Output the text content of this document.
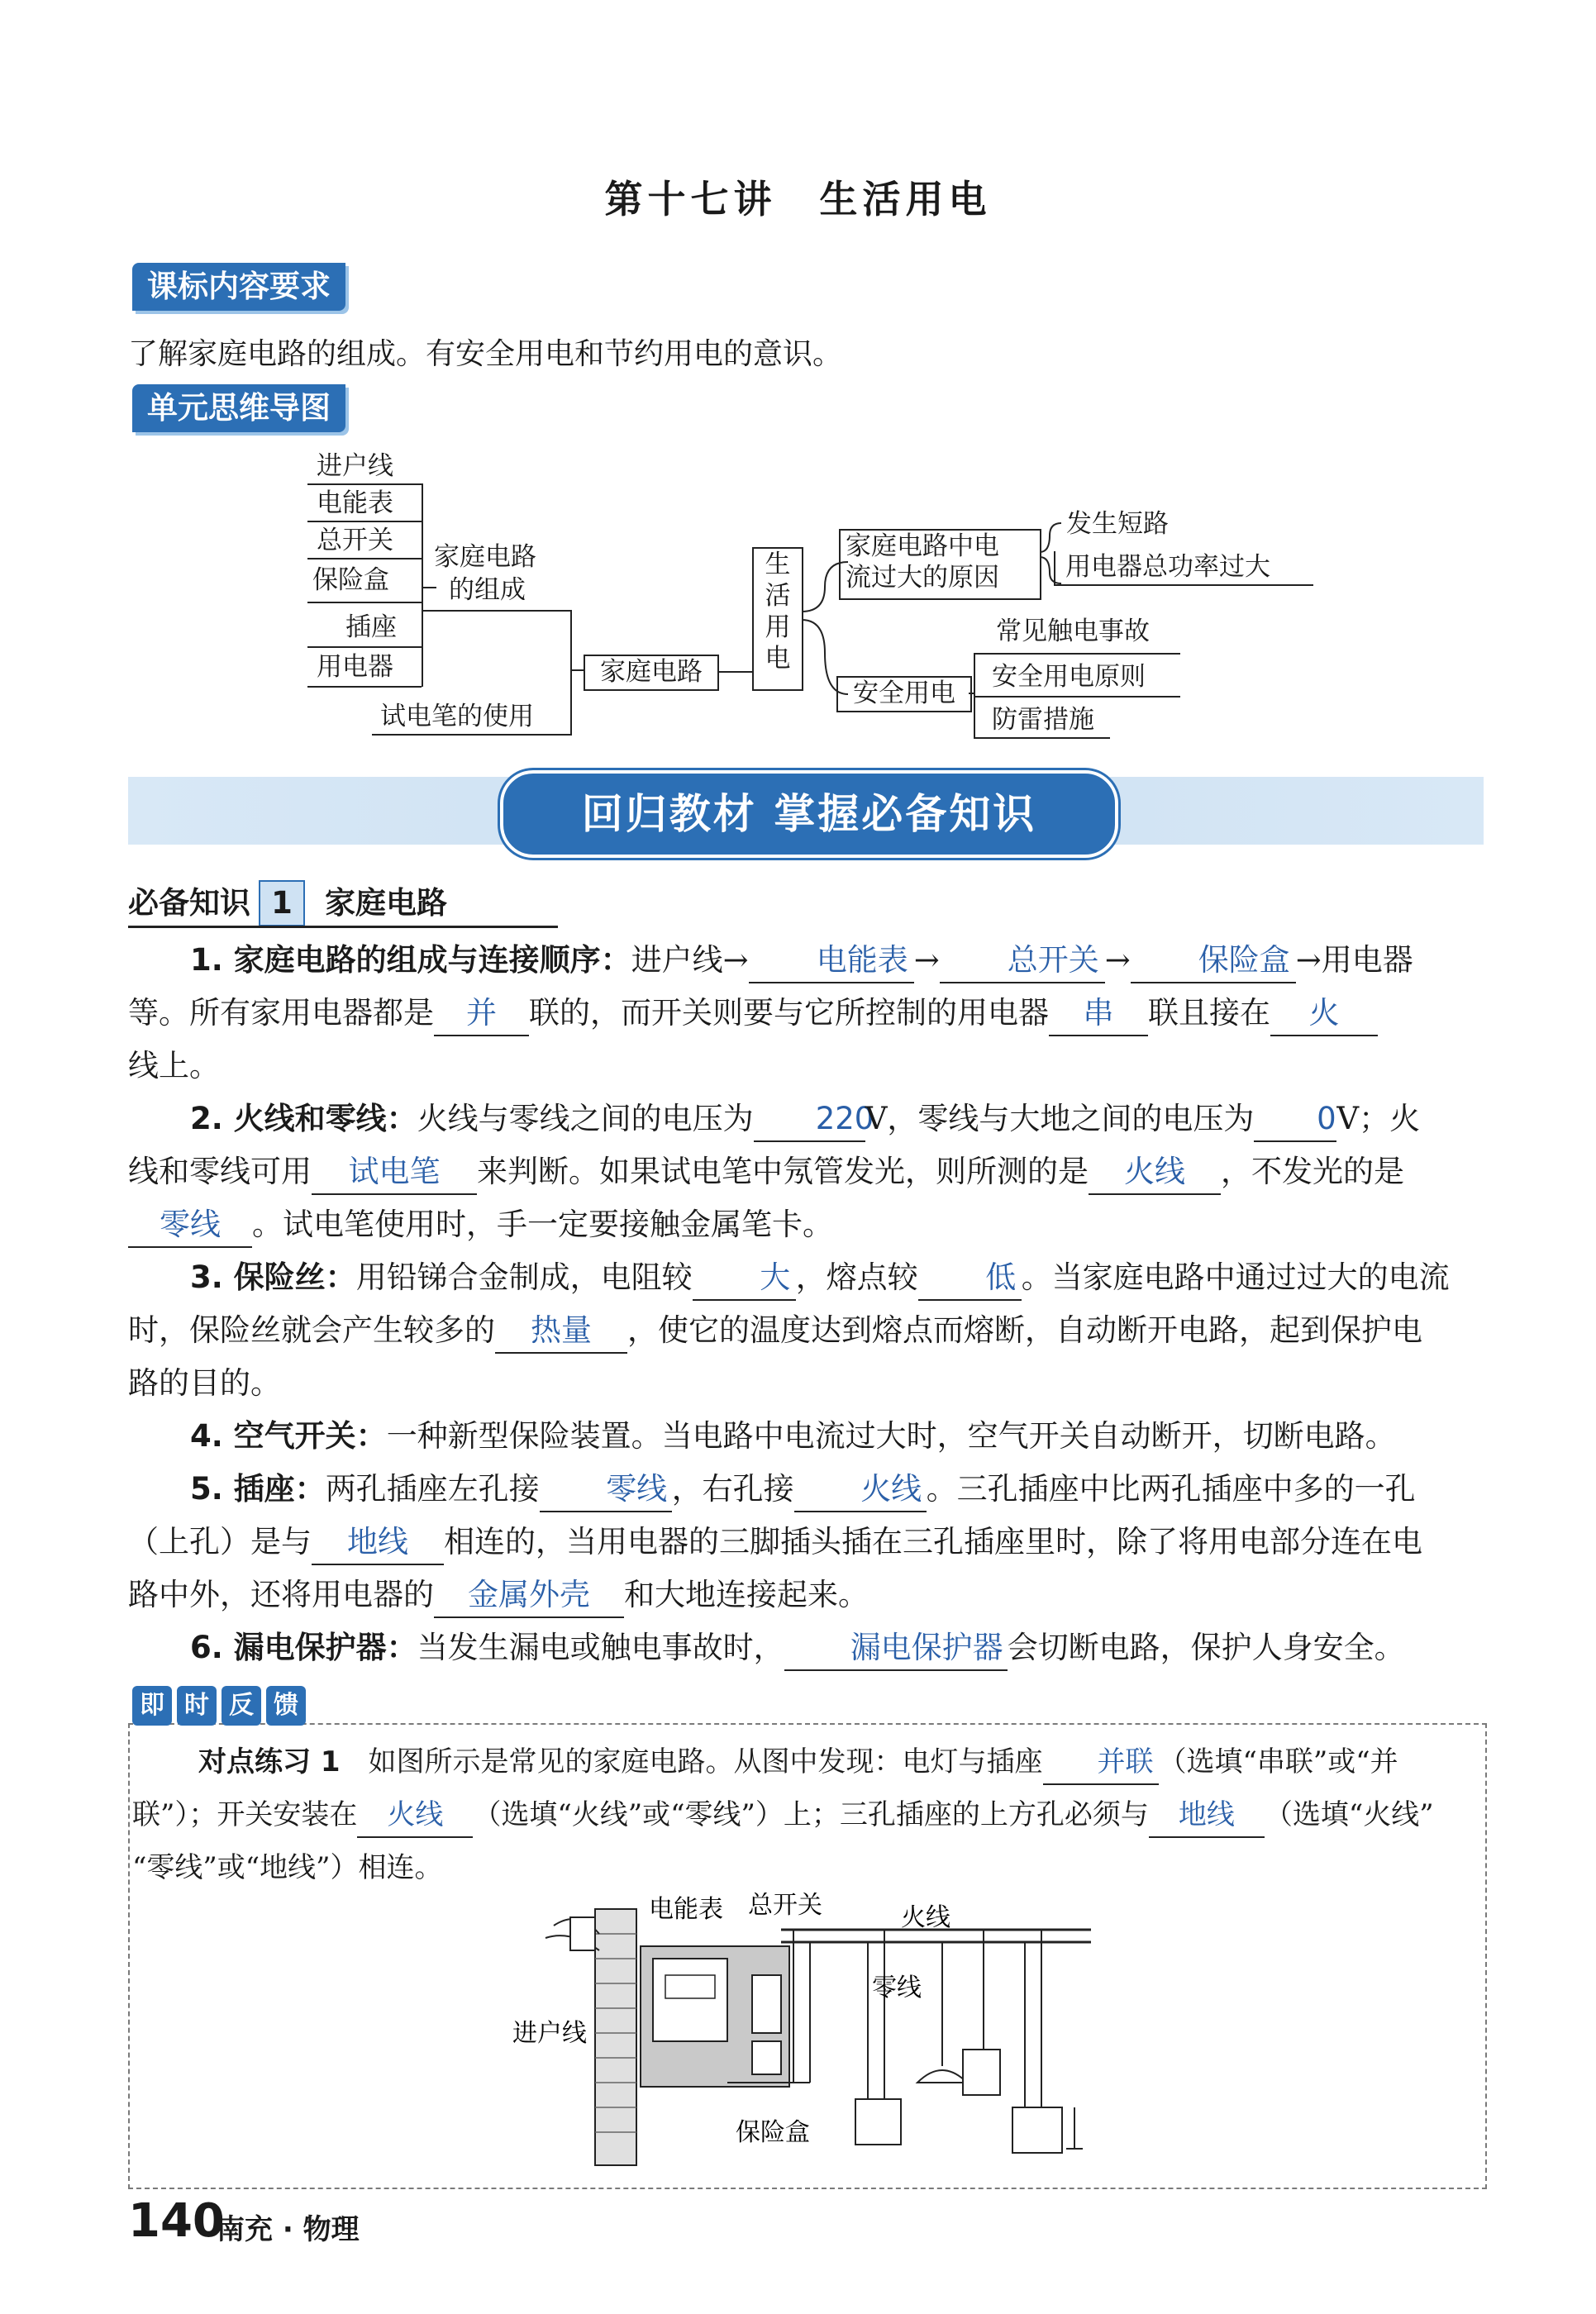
第十七讲　生活用电
课标内容要求
了解家庭电路的组成。有安全用电和节约用电的意识。
单元思维导图
进户线
电能表
总开关
保险盒
插座
用电器
家庭电路
的组成
试电笔的使用
家庭电路
生
活
用
电
家庭电路中电
流过大的原因
发生短路
用电器总功率过大
安全用电
常见触电事故
安全用电原则
防雷措施
回归教材 掌握必备知识
必备知识 1 家庭电路
1. 家庭电路的组成与连接顺序：进户线→ 电能表 → 总开关 → 保险盒 →用电器
等。所有家用电器都是 并 联的，而开关则要与它所控制的用电器 串 联且接在 火
线上。
2. 火线和零线：火线与零线之间的电压为 220V，零线与大地之间的电压为 0V；火
线和零线可用 试电笔 来判断。如果试电笔中氖管发光，则所测的是 火线 ，不发光的是
零线 。试电笔使用时，手一定要接触金属笔卡。
3. 保险丝：用铅锑合金制成，电阻较 大 ，熔点较 低 。当家庭电路中通过过大的电流
时，保险丝就会产生较多的 热量 ，使它的温度达到熔点而熔断，自动断开电路，起到保护电
路的目的。
4. 空气开关：一种新型保险装置。当电路中电流过大时，空气开关自动断开，切断电路。
5. 插座：两孔插座左孔接 零线 ，右孔接 火线 。三孔插座中比两孔插座中多的一孔
（上孔）是与 地线 相连的，当用电器的三脚插头插在三孔插座里时，除了将用电部分连在电
路中外，还将用电器的 金属外壳 和大地连接起来。
6. 漏电保护器：当发生漏电或触电事故时， 漏电保护器 会切断电路，保护人身安全。
即 时 反 馈
对点练习 1　 如图所示是常见的家庭电路。从图中发现：电灯与插座 并联 （选填“串联”或“并
联”）；开关安装在 火线 （选填“火线”或“零线”）上；三孔插座的上方孔必须与 地线 （选填“火线”
“零线”或“地线”）相连。
电能表 总开关	火线
零线
进户线
保险盒
140
南充 · 物理
